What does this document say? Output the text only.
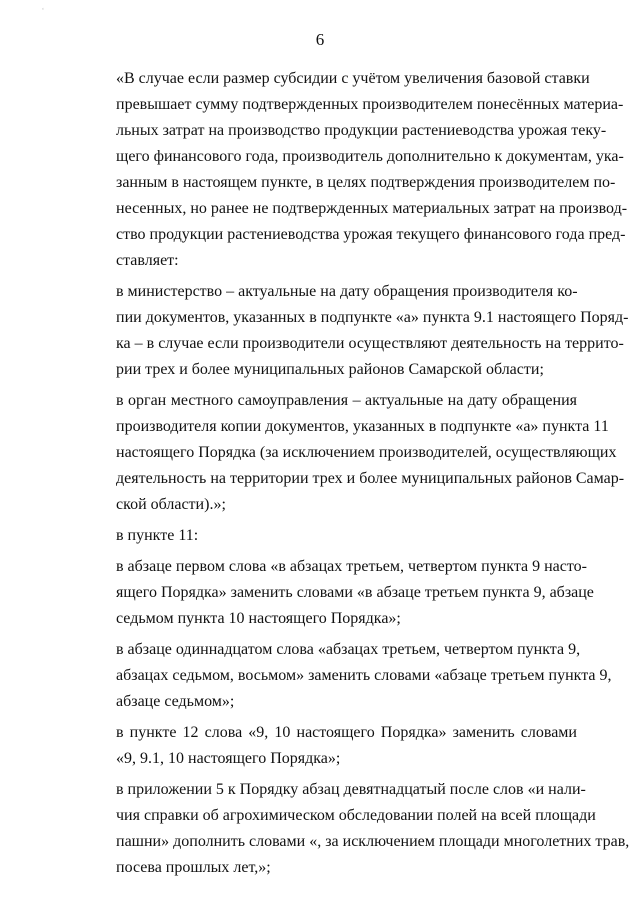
‘
6
«В случае если размер субсидии с учётом увеличения базовой ставки
превышает сумму подтвержденных производителем понесённых материа-
льных затрат на производство продукции растениеводства урожая теку-
щего финансового года, производитель дополнительно к документам, ука-
занным в настоящем пункте, в целях подтверждения производителем по-
несенных, но ранее не подтвержденных материальных затрат на производ-
ство продукции растениеводства урожая текущего финансового года пред-
ставляет:
в министерство – актуальные на дату обращения производителя ко-
пии документов, указанных в подпункте «а» пункта 9.1 настоящего Поряд-
ка – в случае если производители осуществляют деятельность на террито-
рии трех и более муниципальных районов Самарской области;
в орган местного самоуправления – актуальные на дату обращения
производителя копии документов, указанных в подпункте «а» пункта 11
настоящего Порядка (за исключением производителей, осуществляющих
деятельность на территории трех и более муниципальных районов Самар-
ской области).»;
в пункте 11:
в абзаце первом слова «в абзацах третьем, четвертом пункта 9 насто-
ящего Порядка» заменить словами «в абзаце третьем пункта 9, абзаце
седьмом пункта 10 настоящего Порядка»;
в абзаце одиннадцатом слова «абзацах третьем, четвертом пункта 9,
абзацах седьмом, восьмом» заменить словами «абзаце третьем пункта 9,
абзаце седьмом»;
в пункте 12 слова «9, 10 настоящего Порядка» заменить словами
«9, 9.1, 10 настоящего Порядка»;
в приложении 5 к Порядку абзац девятнадцатый после слов «и нали-
чия справки об агрохимическом обследовании полей на всей площади
пашни» дополнить словами «, за исключением площади многолетних трав,
посева прошлых лет,»;
